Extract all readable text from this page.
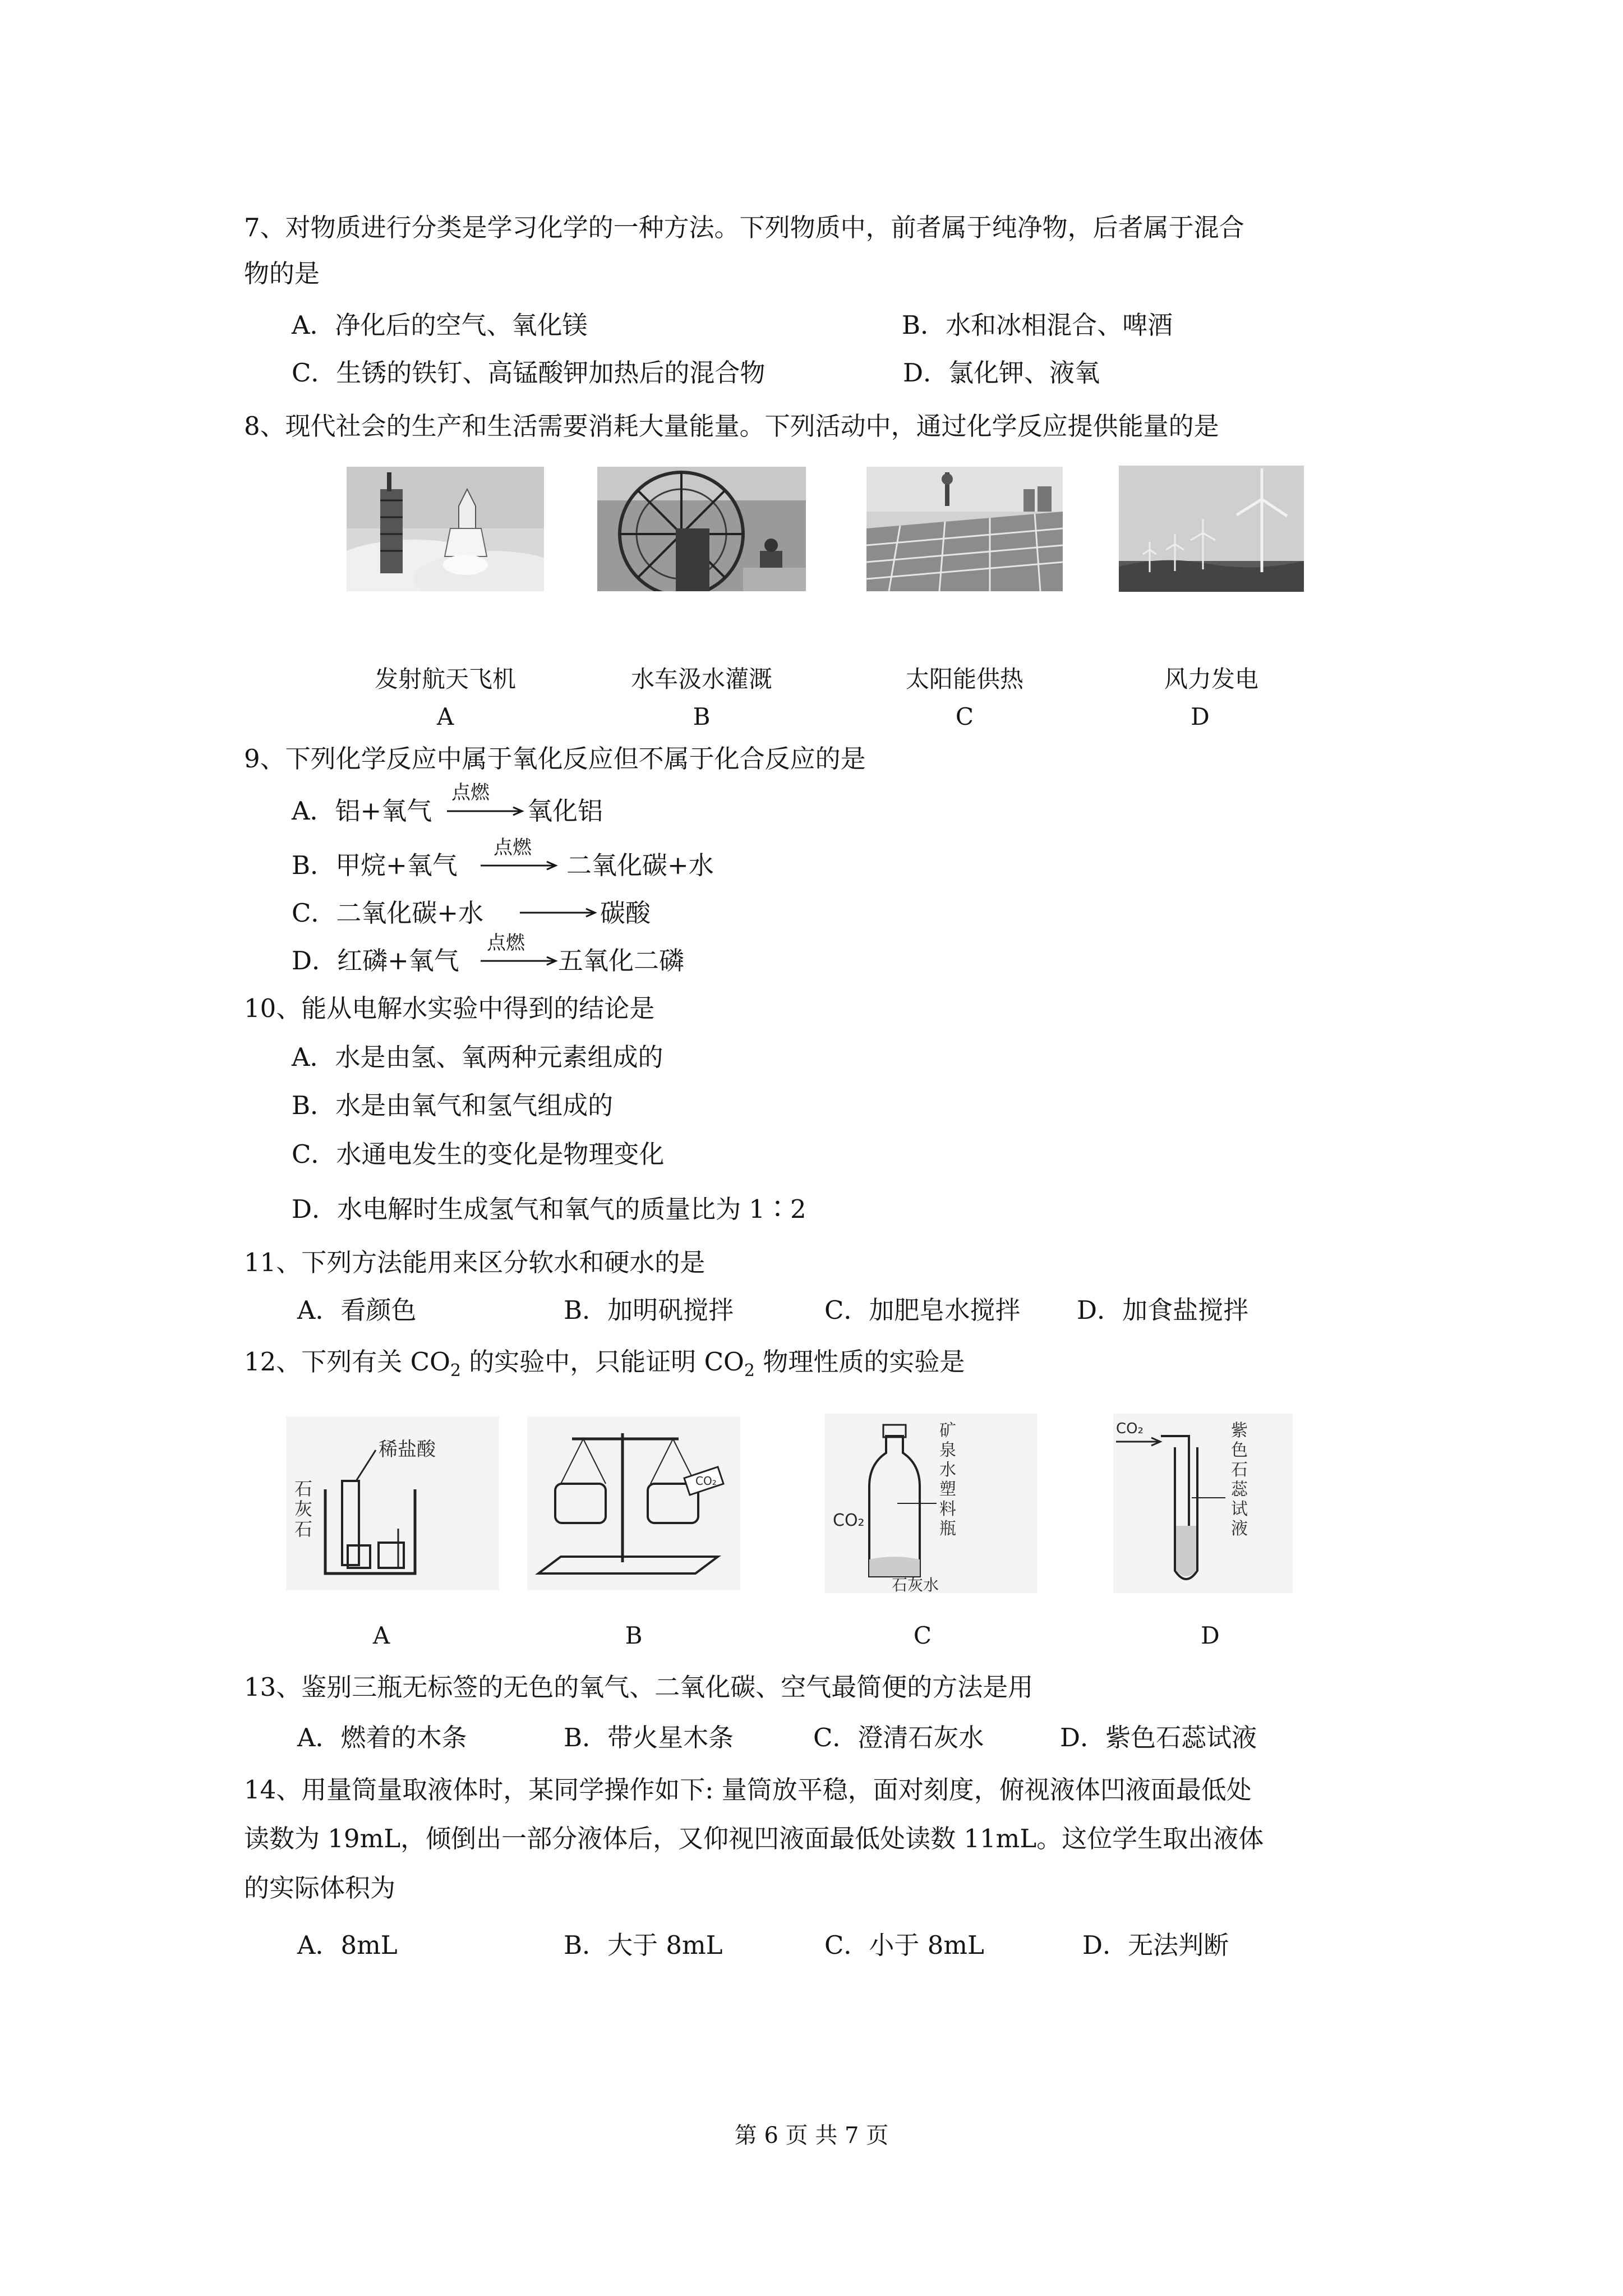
7、对物质进行分类是学习化学的一种方法。下列物质中，前者属于纯净物，后者属于混合
物的是
A．净化后的空气、氧化镁	B．水和冰相混合、啤酒
C．生锈的铁钉、高锰酸钾加热后的混合物	D．氯化钾、液氧
8、现代社会的生产和生活需要消耗大量能量。下列活动中，通过化学反应提供能量的是
发射航天飞机	水车汲水灌溉	太阳能供热	风力发电
A	B	C	D
9、下列化学反应中属于氧化反应但不属于化合反应的是
A．铝+氧气
点燃
氧化铝
B．甲烷+氧气
点燃
二氧化碳+水
C．二氧化碳+水	碳酸
D．红磷+氧气
点燃
五氧化二磷
10、能从电解水实验中得到的结论是
A．水是由氢、氧两种元素组成的
B．水是由氧气和氢气组成的
C．水通电发生的变化是物理变化
D．水电解时生成氢气和氧气的质量比为 1∶2
11、下列方法能用来区分软水和硬水的是
A．看颜色	B．加明矾搅拌	C．加肥皂水搅拌 D．加食盐搅拌
12、下列有关 $CO_2$ 的实验中，只能证明 $CO_2$ 物理性质的实验是
稀盐酸
石灰石
CO₂
CO₂
石灰水
矿
泉
水
塑
料
瓶
CO₂	紫
色
石
蕊
试
液
A	B	C	D
13、鉴别三瓶无标签的无色的氧气、二氧化碳、空气最简便的方法是用
A．燃着的木条	B．带火星木条	C．澄清石灰水	D．紫色石蕊试液
14、用量筒量取液体时，某同学操作如下: 量筒放平稳，面对刻度，俯视液体凹液面最低处
读数为 19mL，倾倒出一部分液体后，又仰视凹液面最低处读数 11mL。这位学生取出液体
的实际体积为
A．8mL	B．大于 8mL	C．小于 8mL	D．无法判断
第 6 页 共 7 页
